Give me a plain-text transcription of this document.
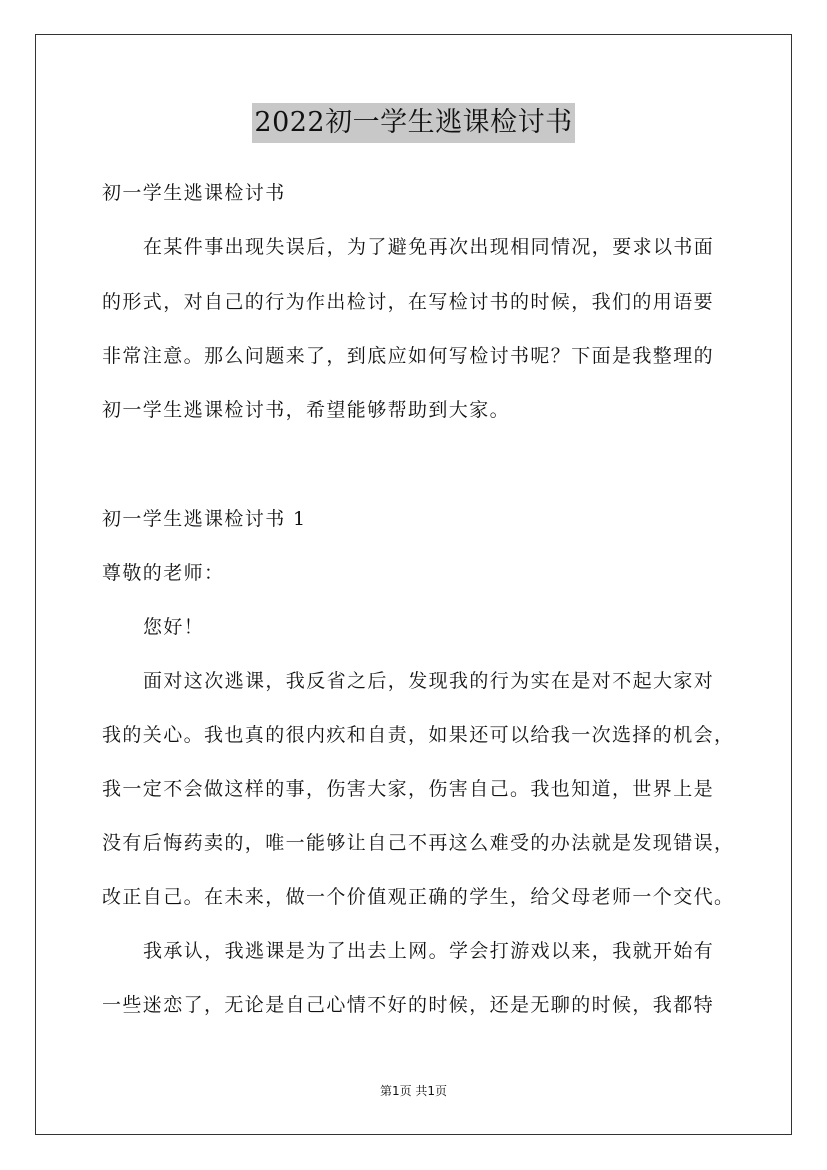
2022初一学生逃课检讨书
初一学生逃课检讨书
在某件事出现失误后，为了避免再次出现相同情况，要求以书面
的形式，对自己的行为作出检讨，在写检讨书的时候，我们的用语要
非常注意。那么问题来了，到底应如何写检讨书呢？下面是我整理的
初一学生逃课检讨书，希望能够帮助到大家。
初一学生逃课检讨书 1
尊敬的老师：
您好！
面对这次逃课，我反省之后，发现我的行为实在是对不起大家对
我的关心。我也真的很内疚和自责，如果还可以给我一次选择的机会，
我一定不会做这样的事，伤害大家，伤害自己。我也知道，世界上是
没有后悔药卖的，唯一能够让自己不再这么难受的办法就是发现错误，
改正自己。在未来，做一个价值观正确的学生，给父母老师一个交代。
我承认，我逃课是为了出去上网。学会打游戏以来，我就开始有
一些迷恋了，无论是自己心情不好的时候，还是无聊的时候，我都特
第1页 共1页
